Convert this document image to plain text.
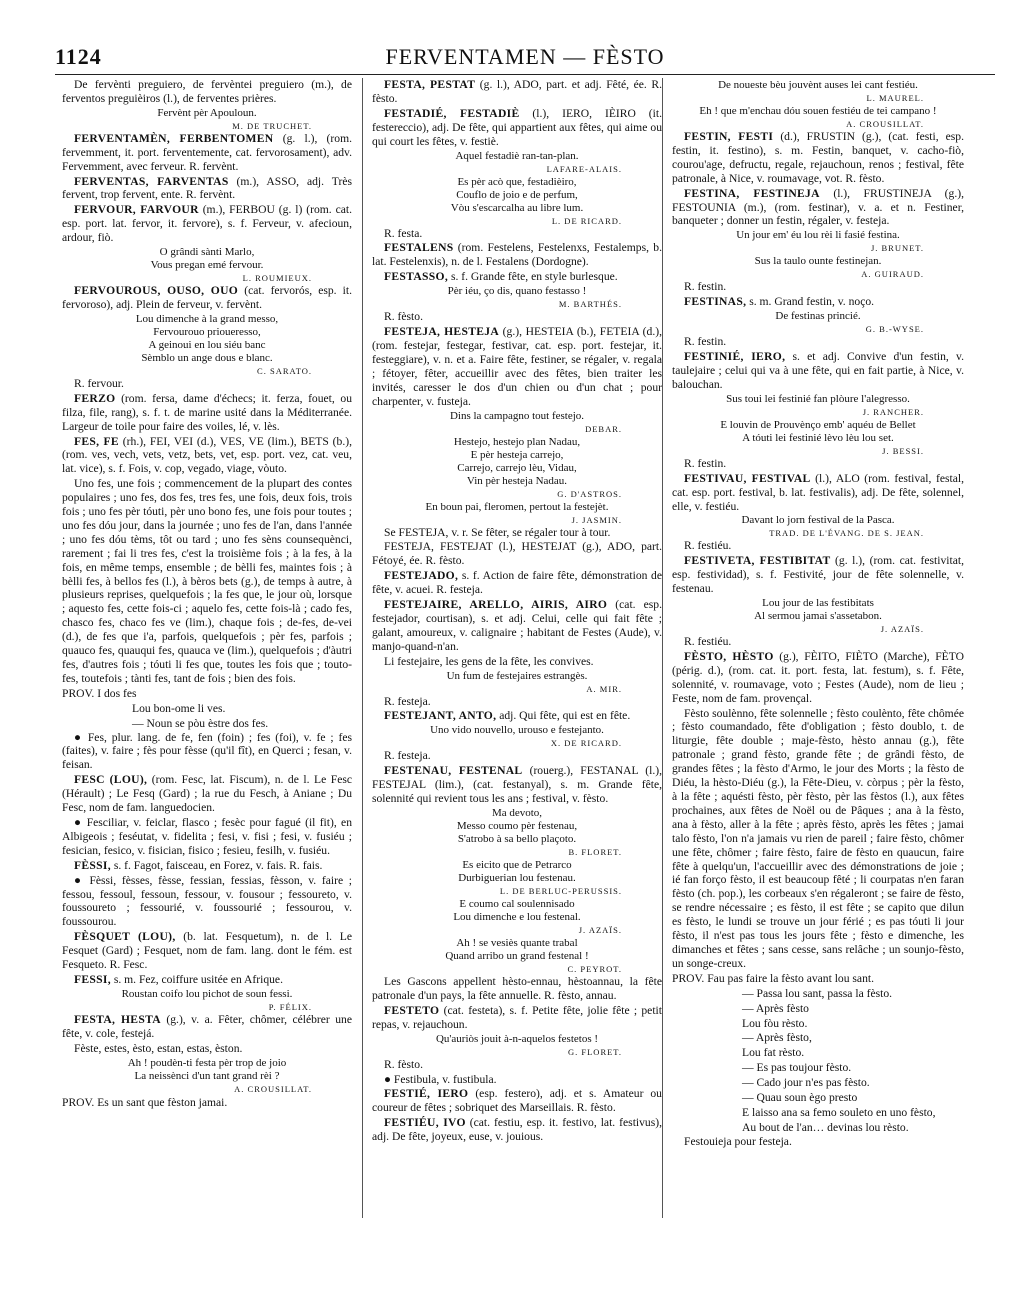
1124	FERVENTAMEN — FÈSTO

De fervènti preguiero, de fervèntei preguiero (m.), de ferventos preguièiros (l.), de ferventes prières.

Fervènt pèr Apouloun.
M. DE TRUCHET.

FERVENTAMÈN, FERBENTOMEN (g. l.), (rom. fervemment, it. port. ferventemente, cat. fervorosament), adv. Fervemment, avec ferveur. R. fervènt.

FERVENTAS, FARVENTAS (m.), ASSO, adj. Très fervent, trop fervent, ente. R. fervènt.

FERVOUR, FARVOUR (m.), FERBOU (g. l) (rom. cat. esp. port. lat. fervor, it. fervore), s. f. Ferveur, v. afecioun, ardour, fiò.

O grândi sànti Marlo,
Vous pregan emé fervour.
L. ROUMIEUX.

FERVOUROUS, OUSO, OUO (cat. fervorós, esp. it. fervoroso), adj. Plein de ferveur, v. fervènt.

Lou dimenche à la grand messo,
Fervourouo prioueresso,
A geinoui en lou siéu banc
Sèmblo un ange dous e blanc.
C. SARATO.

R. fervour.

FERZO (rom. fersa, dame d'échecs; it. ferza, fouet, ou filza, file, rang), s. f. t. de marine usité dans la Méditerranée. Largeur de toile pour faire des voiles, lé, v. lès.

FES, FE (rh.), FEI, VEI (d.), VES, VE (lim.), BETS (b.), (rom. ves, vech, vets, vetz, bets, vet, esp. port. vez, cat. veu, lat. vice), s. f. Fois, v. cop, vegado, viage, vòuto.

Uno fes, une fois ; commencement de la plupart des contes populaires ; uno fes, dos fes, tres fes, une fois, deux fois, trois fois ; uno fes pèr tóuti, pèr uno bono fes, une fois pour toutes ; uno fes dóu jour, dans la journée ; uno fes de l'an, dans l'année ; uno fes dóu tèms, tôt ou tard ; uno fes sèns counsequènci, rarement ; fai li tres fes, c'est la troisième fois ; à la fes, à la fois, en même temps, ensemble ; de bèlli fes, maintes fois ; à bèlli fes, à bellos fes (l.), à bèros bets (g.), de temps à autre, à plusieurs reprises, quelquefois ; la fes que, le jour où, lorsque ; aquesto fes, cette fois-ci ; aquelo fes, cette fois-là ; cado fes, chasco fes, chaco fes ve (lim.), chaque fois ; de-fes, de-vei (d.), de fes que i'a, parfois, quelquefois ; pèr fes, parfois ; quauco fes, quauqui fes, quauca ve (lim.), quelquefois ; d'àutri fes, d'autres fois ; tóuti li fes que, toutes les fois que ; touto-fes, toutefois ; tànti fes, tant de fois ; bien des fois.

PROV. I dos fes
Lou bon-ome li ves.
— Noun se pòu èstre dos fes.

● Fes, plur. lang. de fe, fen (foin) ; fes (foi), v. fe ; fes (faites), v. faire ; fès pour fèsse (qu'il fît), en Querci ; fesan, v. feisan.

FESC (LOU), (rom. Fesc, lat. Fiscum), n. de l. Le Fesc (Hérault) ; Le Fesq (Gard) ; la rue du Fesch, à Aniane ; Du Fesc, nom de fam. languedocien.

● Fesciliar, v. feiclar, flasco ; fesèc pour fagué (il fit), en Albigeois ; feséutat, v. fidelita ; fesi, v. fisi ; fesi, v. fusiéu ; fesician, fesico, v. fisician, fisico ; fesieu, fesilh, v. fusiéu.

FÈSSI, s. f. Fagot, faisceau, en Forez, v. fais. R. fais.

● Fèssi, fèsses, fèsse, fessian, fessias, fèsson, v. faire ; fessou, fessoul, fessoun, fessour, v. fousour ; fessoureto, v. foussoureto ; fessourié, v. foussourié ; fessourou, v. foussourou.

FÈSQUET (LOU), (b. lat. Fesquetum), n. de l. Le Fesquet (Gard) ; Fesquet, nom de fam. lang. dont le fém. est Fesqueto. R. Fesc.

FESSI, s. m. Fez, coiffure usitée en Afrique.

Roustan coifo lou pichot de soun fessi.
P. FÉLIX.

FESTA, HESTA (g.), v. a. Fêter, chômer, célébrer une fête, v. cole, festejá.

Fèste, estes, èsto, estan, estas, èston.

Ah ! poudèn-ti festa pèr trop de joio
La neissènci d'un tant grand rèi ?
A. CROUSILLAT.
PROV. Es un sant que fèston jamai.

FESTA, PESTAT (g. l.), ADO, part. et adj. Fêté, ée. R. fèsto.

FESTADIÉ, FESTADIÈ (l.), IERO, IÈIRO (it. festereccio), adj. De fête, qui appartient aux fêtes, qui aime ou qui court les fêtes, v. festiè.

Aquel festadiè ran-tan-plan.
LAFARE-ALAIS.
Es pèr acò que, festadièiro,
Couflo de joio e de perfum,
Vòu s'escarcalha au libre lum.
L. DE RICARD.

R. festa.

FESTALENS (rom. Festelens, Festelenxs, Festalemps, b. lat. Festelenxis), n. de l. Festalens (Dordogne).

FESTASSO, s. f. Grande fête, en style burlesque.

Pèr iéu, ço dis, quano festasso !
M. BARTHÉS.

R. fèsto.

FESTEJA, HESTEJA (g.), HESTEIA (b.), FETEIA (d.), (rom. festejar, festegar, festivar, cat. esp. port. festejar, it. festeggiare), v. n. et a. Faire fête, festiner, se régaler, v. regala ; fétoyer, fêter, accueillir avec des fêtes, bien traiter les invités, caresser le dos d'un chien ou d'un chat ; pour charpenter, v. fusteja.

Dins la campagno tout festejo.
DEBAR.
Hestejo, hestejo plan Nadau,
E pèr hesteja carrejo,
Carrejo, carrejo lèu, Vidau,
Vin pèr hesteja Nadau.
G. D'ASTROS.
En boun pai, fleromen, pertout la festejèt.
J. JASMIN.

Se FESTEJA, v. r. Se fêter, se régaler tour à tour.

FESTEJA, FESTEJAT (l.), HESTEJAT (g.), ADO, part. Fétoyé, ée. R. fèsto.

FESTEJADO, s. f. Action de faire fête, démonstration de fête, v. acuei. R. festeja.

FESTEJAIRE, ARELLO, AIRIS, AIRO (cat. esp. festejador, courtisan), s. et adj. Celui, celle qui fait fête ; galant, amoureux, v. calignaire ; habitant de Festes (Aude), v. manjo-quand-n'an.

Li festejaire, les gens de la fête, les convives.

Un fum de festejaires estrangès.
A. MIR.

R. festeja.

FESTEJANT, ANTO, adj. Qui fête, qui est en fête.

Uno vido nouvello, urouso e festejanto.
X. DE RICARD.

R. festeja.

FESTENAU, FESTENAL (rouerg.), FESTANAL (l.), FESTEJAL (lim.), (cat. festanyal), s. m. Grande fête, solennité qui revient tous les ans ; festival, v. fèsto.

Ma devoto,
Messo coumo pèr festenau,
S'atrobo à sa bello plaçoto.
B. FLORET.
Es eicito que de Petrarco
Durbiguerian lou festenau.
L. DE BERLUC-PERUSSIS.
E coumo cal soulennisado
Lou dimenche e lou festenal.
J. AZAÏS.
Ah ! se vesiès quante trabal
Quand arribo un grand festenal !
C. PEYROT.

Les Gascons appellent hèsto-ennau, hèstoannau, la fête patronale d'un pays, la fête annuelle. R. fèsto, annau.

FESTETO (cat. festeta), s. f. Petite fête, jolie fête ; petit repas, v. rejauchoun.

Qu'auriòs jouit à-n-aquelos festetos !
G. FLORET.

R. fèsto.

● Festibula, v. fustibula.

FESTIÉ, IERO (esp. festero), adj. et s. Amateur ou coureur de fêtes ; sobriquet des Marseillais. R. fèsto.

FESTIÉU, IVO (cat. festiu, esp. it. festivo, lat. festivus), adj. De fête, joyeux, euse, v. jouious.

De noueste bèu jouvènt auses lei cant festiéu.
L. MAUREL.
Eh ! que m'enchau dóu souen festiéu de tei campano !
A. CROUSILLAT.

FESTIN, FESTI (d.), FRUSTIN (g.), (cat. festi, esp. festin, it. festino), s. m. Festin, banquet, v. cacho-fiò, courou'age, defructu, regale, rejauchoun, renos ; festival, fête patronale, à Nice, v. roumavage, vot. R. fèsto.

FESTINA, FESTINEJA (l.), FRUSTINEJA (g.), FESTOUNIA (m.), (rom. festinar), v. a. et n. Festiner, banqueter ; donner un festin, régaler, v. festeja.

Un jour em' éu lou rèi li fasié festina.
J. BRUNET.
Sus la taulo ounte festinejan.
A. GUIRAUD.

R. festin.

FESTINAS, s. m. Grand festin, v. noço.

De festinas princié.
G. B.-WYSE.

R. festin.

FESTINIÉ, IERO, s. et adj. Convive d'un festin, v. taulejaire ; celui qui va à une fête, qui en fait partie, à Nice, v. balouchan.

Sus toui lei festinié fan plòure l'alegresso.
J. RANCHER.
E louvin de Prouvènço emb' aquéu de Bellet
A tóuti lei festinié lèvo lèu lou set.
J. BESSI.

R. festin.

FESTIVAU, FESTIVAL (l.), ALO (rom. festival, festal, cat. esp. port. festival, b. lat. festivalis), adj. De fête, solennel, elle, v. festiéu.

Davant lo jorn festival de la Pasca.
TRAD. DE L'ÉVANG. DE S. JEAN.

R. festiéu.

FESTIVETA, FESTIBITAT (g. l.), (rom. cat. festivitat, esp. festividad), s. f. Festivité, jour de fête solennelle, v. festenau.

Lou jour de las festibitats
Al sermou jamai s'assetabon.
J. AZAÏS.

R. festiéu.

FÈSTO, HÈSTO (g.), FÈITO, FIÈTO (Marche), FÈTO (périg. d.), (rom. cat. it. port. festa, lat. festum), s. f. Fête, solennité, v. roumavage, voto ; Festes (Aude), nom de lieu ; Feste, nom de fam. provençal.

Fèsto soulènno, fête solennelle ; fèsto coulènto, fête chômée ; fèsto coumandado, fête d'obligation ; fèsto doublo, t. de liturgie, fête double ; maje-fèsto, hèsto annau (g.), fête patronale ; grand fèsto, grande fête ; de grândi fèsto, de grandes fêtes ; la fèsto d'Armo, le jour des Morts ; la fèsto de Diéu, la hèsto-Diéu (g.), la Fête-Dieu, v. còrpus ; pèr la fèsto, à la fête ; aquésti fèsto, pèr fèsto, pèr las fèstos (l.), aux fêtes prochaines, aux fêtes de Noël ou de Pâques ; ana à la fèsto, ana à fèsto, aller à la fête ; après fèsto, après les fêtes ; jamai talo fèsto, l'on n'a jamais vu rien de pareil ; faire fèsto, chômer une fête, chômer ; faire fèsto, faire de fèsto en quaucun, faire fête à quelqu'un, l'accueillir avec des démonstrations de joie ; ié fan forço fèsto, il est beaucoup fêté ; li courpatas n'en faran fèsto (ch. pop.), les corbeaux s'en régaleront ; se faire de fèsto, se rendre nécessaire ; es fèsto, il est fête ; se capito que dilun es fèsto, le lundi se trouve un jour férié ; es pas tóuti li jour fèsto, il n'est pas tous les jours fête ; fèsto e dimenche, les dimanches et fêtes ; sans cesse, sans relâche ; un sounjo-fèsto, un songe-creux.

PROV. Fau pas faire la fèsto avant lou sant.
— Passa lou sant, passa la fèsto.
— Après fèsto
Lou fòu rèsto.
— Après fèsto,
Lou fat rèsto.
— Es pas toujour fèsto.
— Cado jour n'es pas fèsto.
— Quau soun ègo presto
E laisso ana sa femo souleto en uno fèsto,
Au bout de l'an… devinas lou rèsto.

Festouieja pour festeja.
